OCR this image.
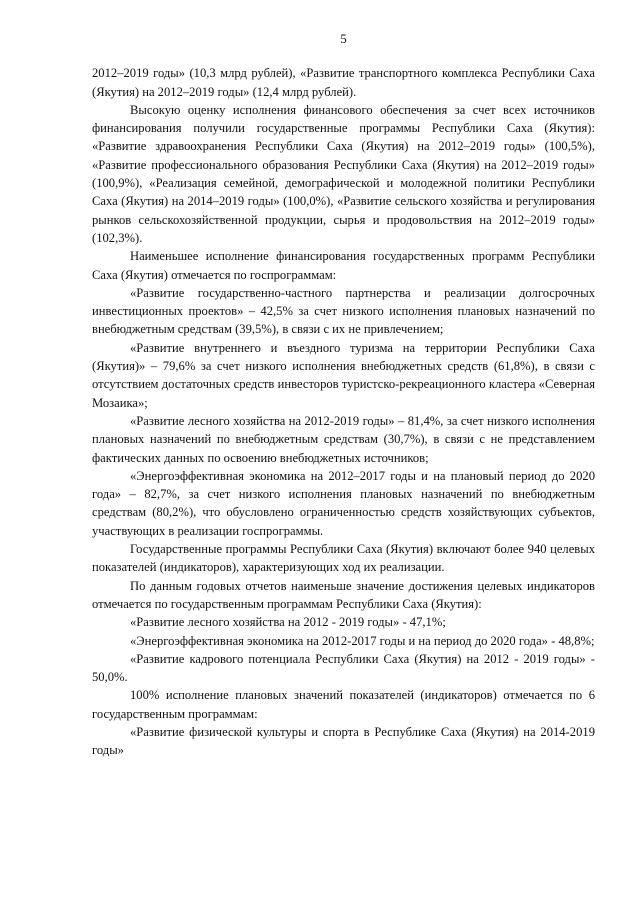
5

2012–2019 годы» (10,3 млрд рублей), «Развитие транспортного комплекса Республики Саха (Якутия) на 2012–2019 годы» (12,4 млрд рублей).

Высокую оценку исполнения финансового обеспечения за счет всех источников финансирования получили государственные программы Республики Саха (Якутия): «Развитие здравоохранения Республики Саха (Якутия) на 2012–2019 годы» (100,5%), «Развитие профессионального образования Республики Саха (Якутия) на 2012–2019 годы» (100,9%), «Реализация семейной, демографической и молодежной политики Республики Саха (Якутия) на 2014–2019 годы» (100,0%), «Развитие сельского хозяйства и регулирования рынков сельскохозяйственной продукции, сырья и продовольствия на 2012–2019 годы» (102,3%).

Наименьшее исполнение финансирования государственных программ Республики Саха (Якутия) отмечается по госпрограммам:

«Развитие государственно-частного партнерства и реализации долгосрочных инвестиционных проектов» – 42,5% за счет низкого исполнения плановых назначений по внебюджетным средствам (39,5%), в связи с их не привлечением;

«Развитие внутреннего и въездного туризма на территории Республики Саха (Якутия)» – 79,6% за счет низкого исполнения внебюджетных средств (61,8%), в связи с отсутствием достаточных средств инвесторов туристско-рекреационного кластера «Северная Мозаика»;

«Развитие лесного хозяйства на 2012-2019 годы» – 81,4%, за счет низкого исполнения плановых назначений по внебюджетным средствам (30,7%), в связи с не представлением фактических данных по освоению внебюджетных источников;

«Энергоэффективная экономика на 2012–2017 годы и на плановый период до 2020 года» – 82,7%, за счет низкого исполнения плановых назначений по внебюджетным средствам (80,2%), что обусловлено ограниченностью средств хозяйствующих субъектов, участвующих в реализации госпрограммы.

Государственные программы Республики Саха (Якутия) включают более 940 целевых показателей (индикаторов), характеризующих ход их реализации.

По данным годовых отчетов наименьше значение достижения целевых индикаторов отмечается по государственным программам Республики Саха (Якутия):

«Развитие лесного хозяйства на 2012 - 2019 годы» - 47,1%;

«Энергоэффективная экономика на 2012-2017 годы и на период до 2020 года» - 48,8%;

«Развитие кадрового потенциала Республики Саха (Якутия) на 2012 - 2019 годы» - 50,0%.

100% исполнение плановых значений показателей (индикаторов) отмечается по 6 государственным программам:

«Развитие физической культуры и спорта в Республике Саха (Якутия) на 2014-2019 годы»
